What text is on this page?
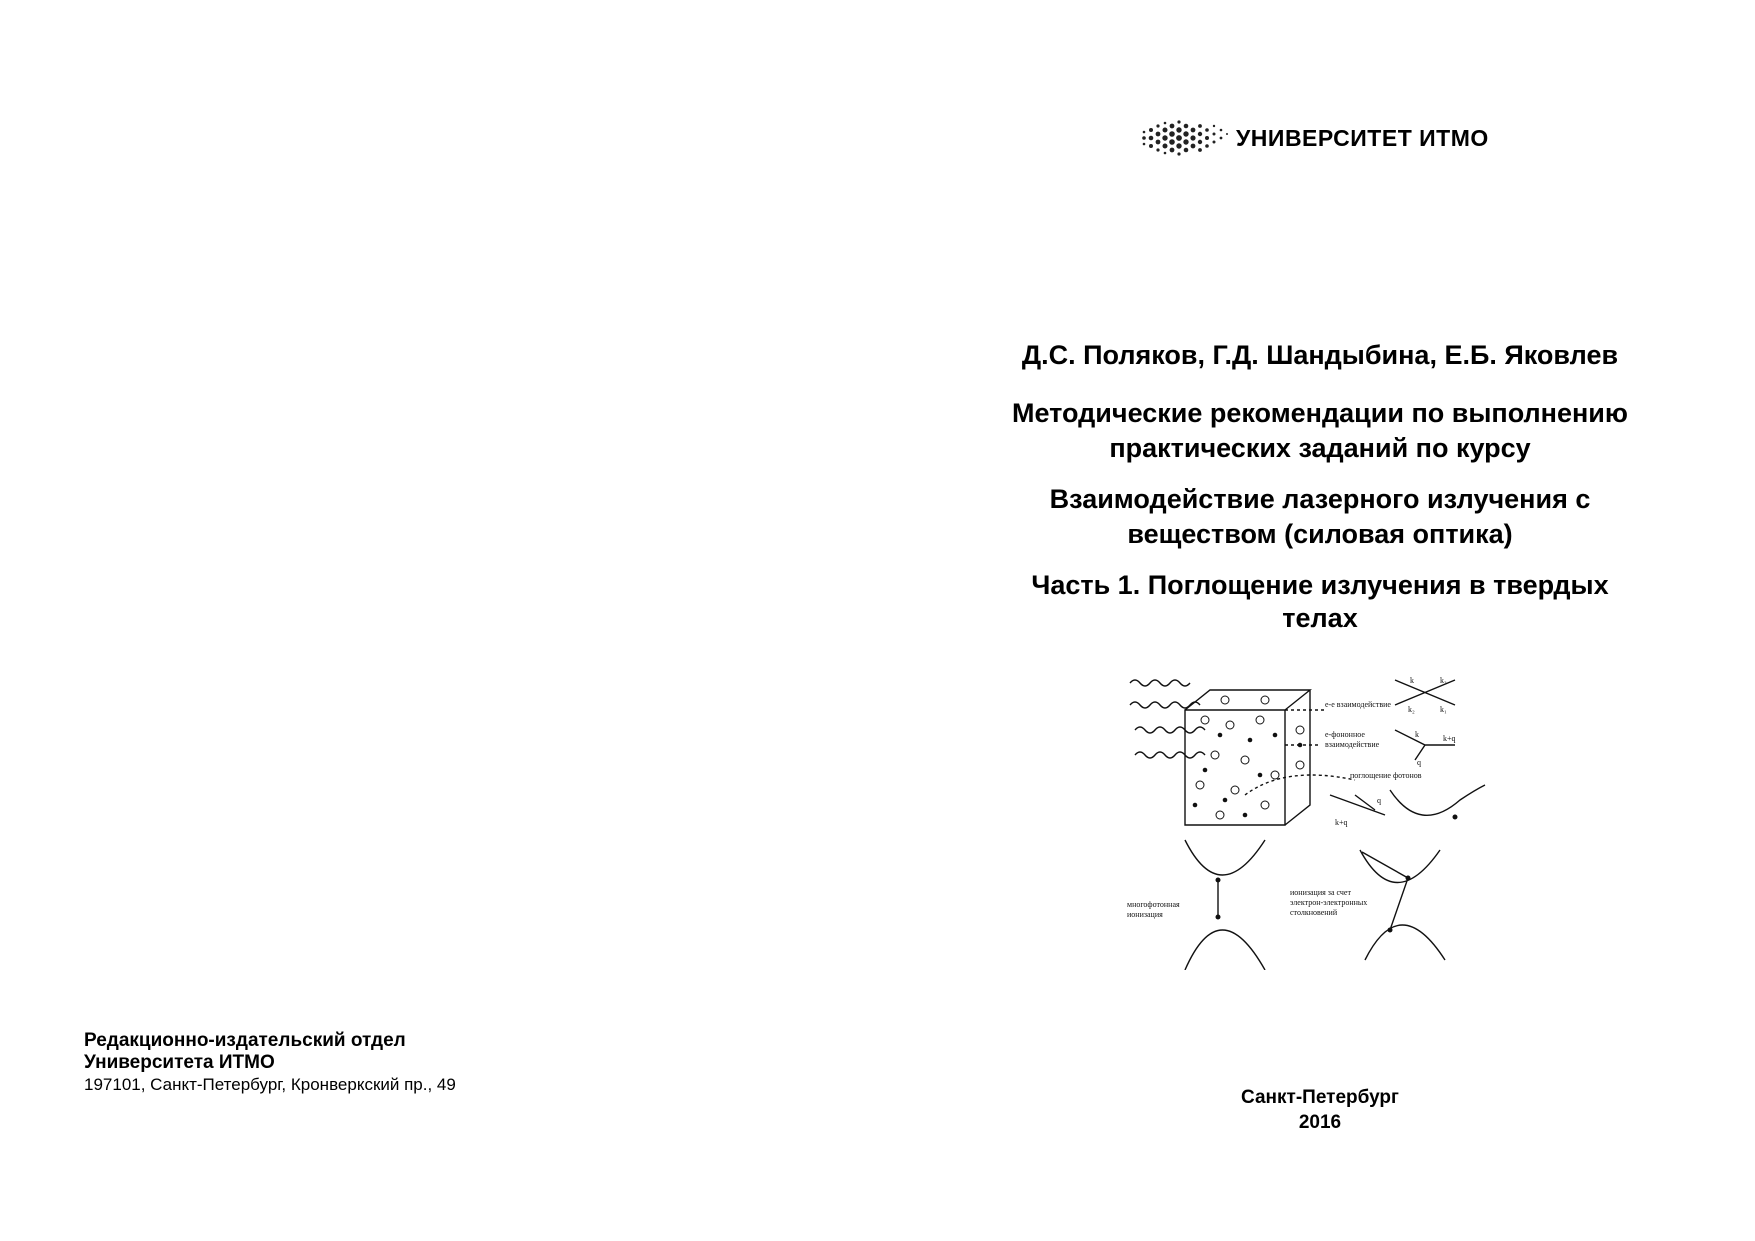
УНИВЕРСИТЕТ ИТМО
Д.С. Поляков, Г.Д. Шандыбина, Е.Б. Яковлев
Методические рекомендации по выполнению
практических заданий по курсу
Взаимодействие лазерного излучения с
веществом (силовая оптика)
Часть 1. Поглощение излучения в твердых
телах
e-e взаимодействие
e-фононное
взаимодействие
поглощение фотонов
многофотонная
ионизация
ионизация за счет
электрон-электронных
столкновений
k	k₃
k₂	k₁
k	k+q
q
k+q
q
Санкт-Петербург
2016
Редакционно-издательский отдел
Университета ИТМО
197101, Санкт-Петербург, Кронверкский пр., 49
